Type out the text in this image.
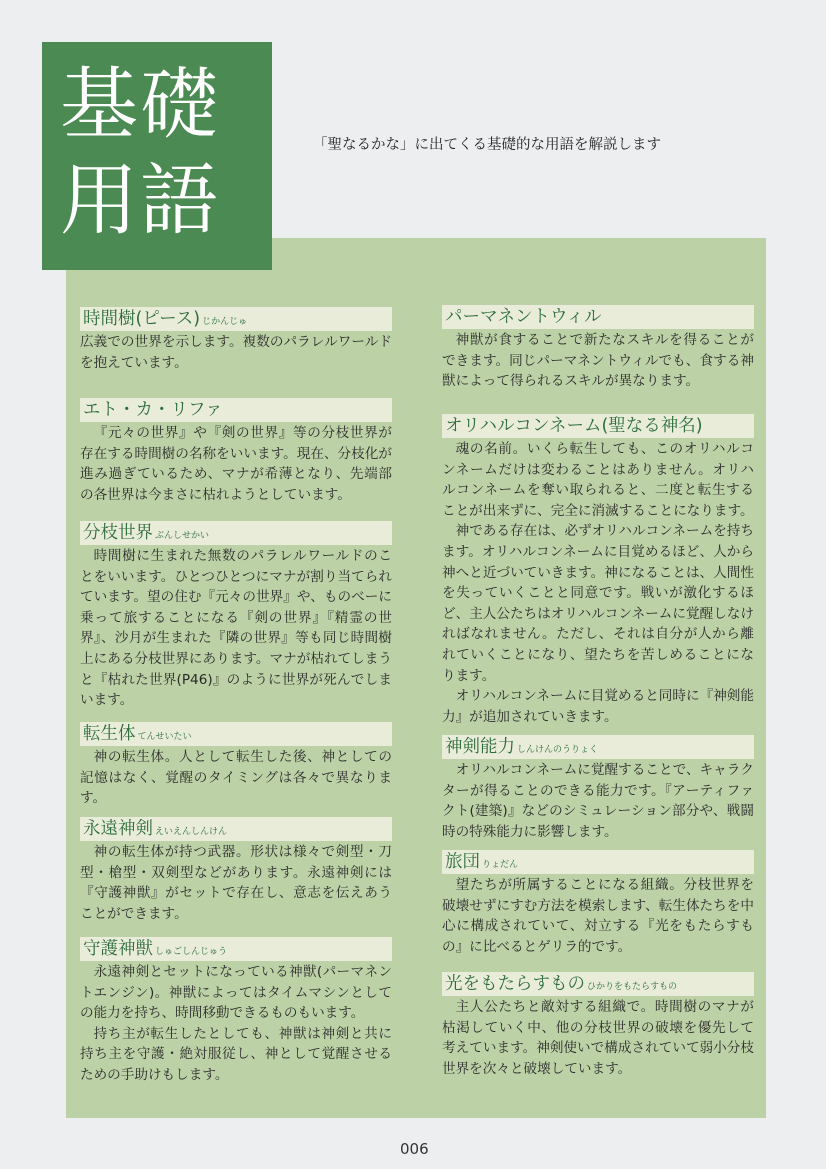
基礎
用語
「聖なるかな」に出てくる基礎的な用語を解説します
時間樹(ピース) じかんじゅ

広義での世界を示します。複数のパラレルワールドを抱えています。

エト・カ・リファ

『元々の世界』や『剣の世界』等の分枝世界が存在する時間樹の名称をいいます。現在、分枝化が進み過ぎているため、マナが希薄となり、先端部の各世界は今まさに枯れようとしています。

分枝世界 ぶんしせかい

時間樹に生まれた無数のパラレルワールドのことをいいます。ひとつひとつにマナが割り当てられています。望の住む『元々の世界』や、ものべーに乗って旅することになる『剣の世界』『精霊の世界』、沙月が生まれた『隣の世界』等も同じ時間樹上にある分枝世界にあります。マナが枯れてしまうと『枯れた世界(P46)』のように世界が死んでしまいます。

転生体 てんせいたい

神の転生体。人として転生した後、神としての記憶はなく、覚醒のタイミングは各々で異なります。

永遠神剣 えいえんしんけん

神の転生体が持つ武器。形状は様々で剣型・刀型・槍型・双剣型などがあります。永遠神剣には『守護神獣』がセットで存在し、意志を伝えあうことができます。

守護神獣 しゅごしんじゅう

永遠神剣とセットになっている神獣(パーマネントエンジン)。神獣によってはタイムマシンとしての能力を持ち、時間移動できるものもいます。

持ち主が転生したとしても、神獣は神剣と共に持ち主を守護・絶対服従し、神として覚醒させるための手助けもします。

パーマネントウィル

神獣が食することで新たなスキルを得ることができます。同じパーマネントウィルでも、食する神獣によって得られるスキルが異なります。

オリハルコンネーム(聖なる神名)

魂の名前。いくら転生しても、このオリハルコンネームだけは変わることはありません。オリハルコンネームを奪い取られると、二度と転生することが出来ずに、完全に消滅することになります。

神である存在は、必ずオリハルコンネームを持ちます。オリハルコンネームに目覚めるほど、人から神へと近づいていきます。神になることは、人間性を失っていくことと同意です。戦いが激化するほど、主人公たちはオリハルコンネームに覚醒しなければなれません。ただし、それは自分が人から離れていくことになり、望たちを苦しめることになります。

オリハルコンネームに目覚めると同時に『神剣能力』が追加されていきます。

神剣能力 しんけんのうりょく

オリハルコンネームに覚醒することで、キャラクターが得ることのできる能力です。『アーティファクト(建築)』などのシミュレーション部分や、戦闘時の特殊能力に影響します。

旅団 りょだん

望たちが所属することになる組織。分枝世界を破壊せずにすむ方法を模索します、転生体たちを中心に構成されていて、対立する『光をもたらすもの』に比べるとゲリラ的です。

光をもたらすもの ひかりをもたらすもの

主人公たちと敵対する組織で。時間樹のマナが枯渇していく中、他の分枝世界の破壊を優先して考えています。神剣使いで構成されていて弱小分枝世界を次々と破壊しています。

006
